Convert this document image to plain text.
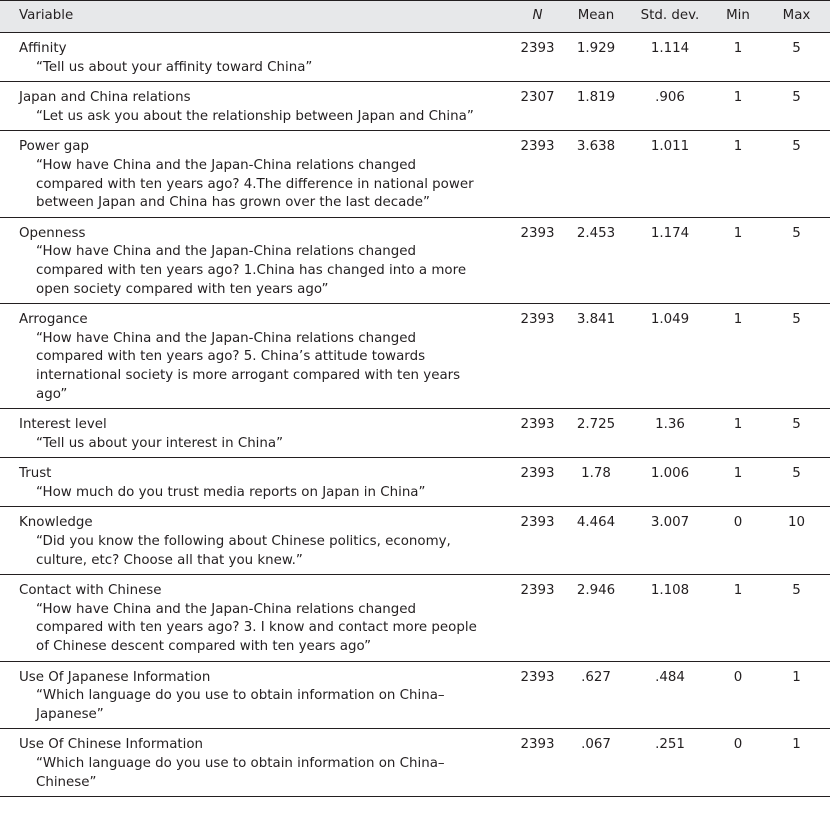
Variable	N	Mean	Std. dev.	Min	Max

Affinity
“Tell us about your affinity toward China”	2393	1.929	1.114	1	5

Japan and China relations
“Let us ask you about the relationship between Japan and China”	2307	1.819	.906	1	5

Power gap
“How have China and the Japan-China relations changed compared with ten years ago? 4.The difference in national power between Japan and China has grown over the last decade”	2393	3.638	1.011	1	5

Openness
“How have China and the Japan-China relations changed compared with ten years ago? 1.China has changed into a more open society compared with ten years ago”	2393	2.453	1.174	1	5

Arrogance
“How have China and the Japan-China relations changed compared with ten years ago? 5. China’s attitude towards international society is more arrogant compared with ten years ago”	2393	3.841	1.049	1	5

Interest level
“Tell us about your interest in China”	2393	2.725	1.36	1	5

Trust
“How much do you trust media reports on Japan in China”	2393	1.78	1.006	1	5

Knowledge
“Did you know the following about Chinese politics, economy, culture, etc? Choose all that you knew.”	2393	4.464	3.007	0	10

Contact with Chinese
“How have China and the Japan-China relations changed compared with ten years ago? 3. I know and contact more people of Chinese descent compared with ten years ago”	2393	2.946	1.108	1	5

Use Of Japanese Information
“Which language do you use to obtain information on China–Japanese”	2393	.627	.484	0	1

Use Of Chinese Information
“Which language do you use to obtain information on China–Chinese”	2393	.067	.251	0	1
